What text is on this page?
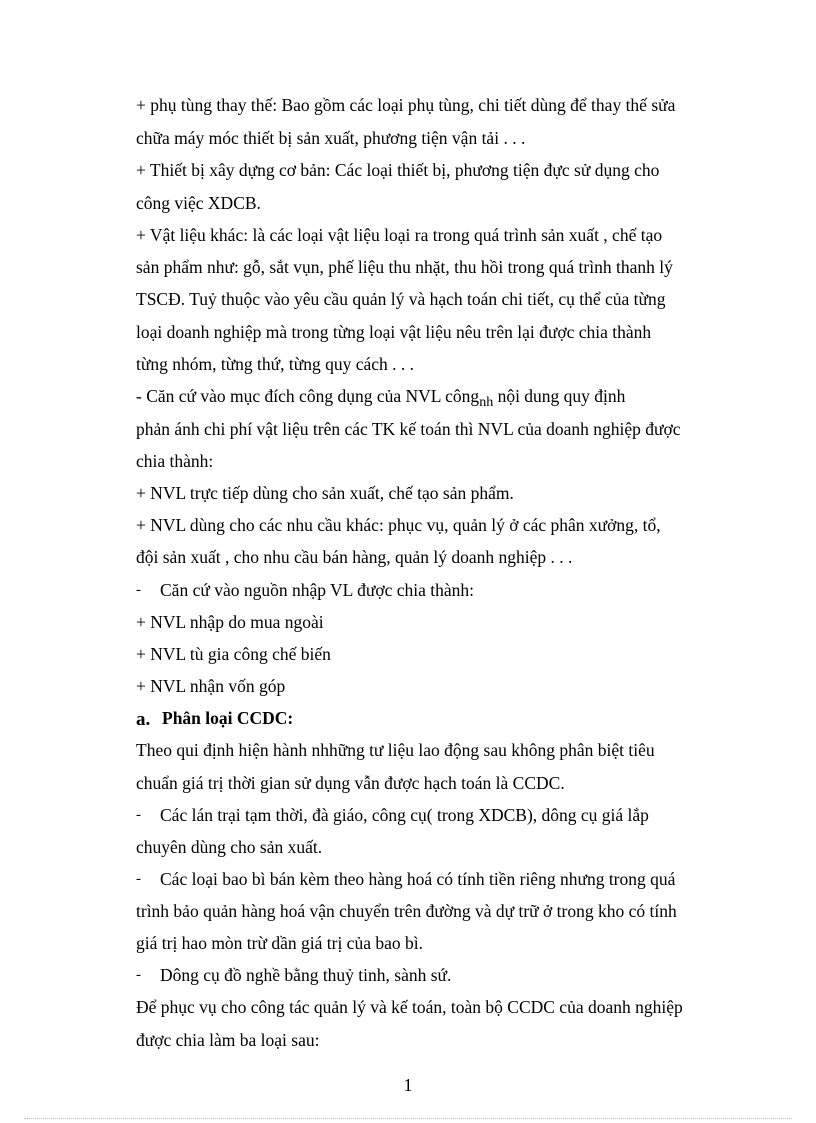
+ phụ tùng thay thế: Bao gồm các loại phụ tùng, chi tiết dùng để thay thế sửa
chữa máy móc thiết bị sản xuất, phương tiện vận tải . . .
+ Thiết bị xây dựng cơ bản: Các loại thiết bị, phương tiện đực sử dụng cho
công việc XDCB.
+ Vật liệu khác: là các loại vật liệu loại ra trong quá trình sản xuất , chế tạo
sản phẩm như: gỗ, sắt vụn, phế liệu thu nhặt, thu hồi trong quá trình thanh lý
TSCĐ. Tuỷ thuộc vào yêu cầu quản lý và hạch toán chi tiết, cụ thể của từng
loại doanh nghiệp mà trong từng loại vật liệu nêu trên lại được chia thành
từng nhóm, từng thứ, từng quy cách . . .
- Căn cứ vào mục đích công dụng của NVL công$_{nh}$ nội dung quy định
phản ánh chi phí vật liệu trên các TK kế toán thì NVL của doanh nghiệp được
chia thành:
+ NVL trực tiếp dùng cho sản xuất, chế tạo sản phẩm.
+ NVL dùng cho các nhu cầu khác: phục vụ, quản lý ở các phân xưởng, tổ,
đội sản xuất , cho nhu cầu bán hàng, quản lý doanh nghiệp . . .
- Căn cứ vào nguồn nhập VL được chia thành:
+ NVL nhập do mua ngoài
+ NVL tù gia công chế biến
+ NVL nhận vốn góp
a. Phân loại CCDC:
Theo qui định hiện hành nhhững tư liệu lao động sau không phân biệt tiêu
chuẩn giá trị thời gian sử dụng vẫn được hạch toán là CCDC.
- Các lán trại tạm thời, đà giáo, công cụ( trong XDCB), dông cụ giá lắp
chuyên dùng cho sản xuất.
- Các loại bao bì bán kèm theo hàng hoá có tính tiền riêng nhưng trong quá
trình bảo quản hàng hoá vận chuyển trên đường và dự trữ ở trong kho có tính
giá trị hao mòn trừ dần giá trị của bao bì.
- Dông cụ đồ nghề bằng thuỷ tinh, sành sứ.
Để phục vụ cho công tác quản lý và kế toán, toàn bộ CCDC của doanh nghiệp
được chia làm ba loại sau:
1
